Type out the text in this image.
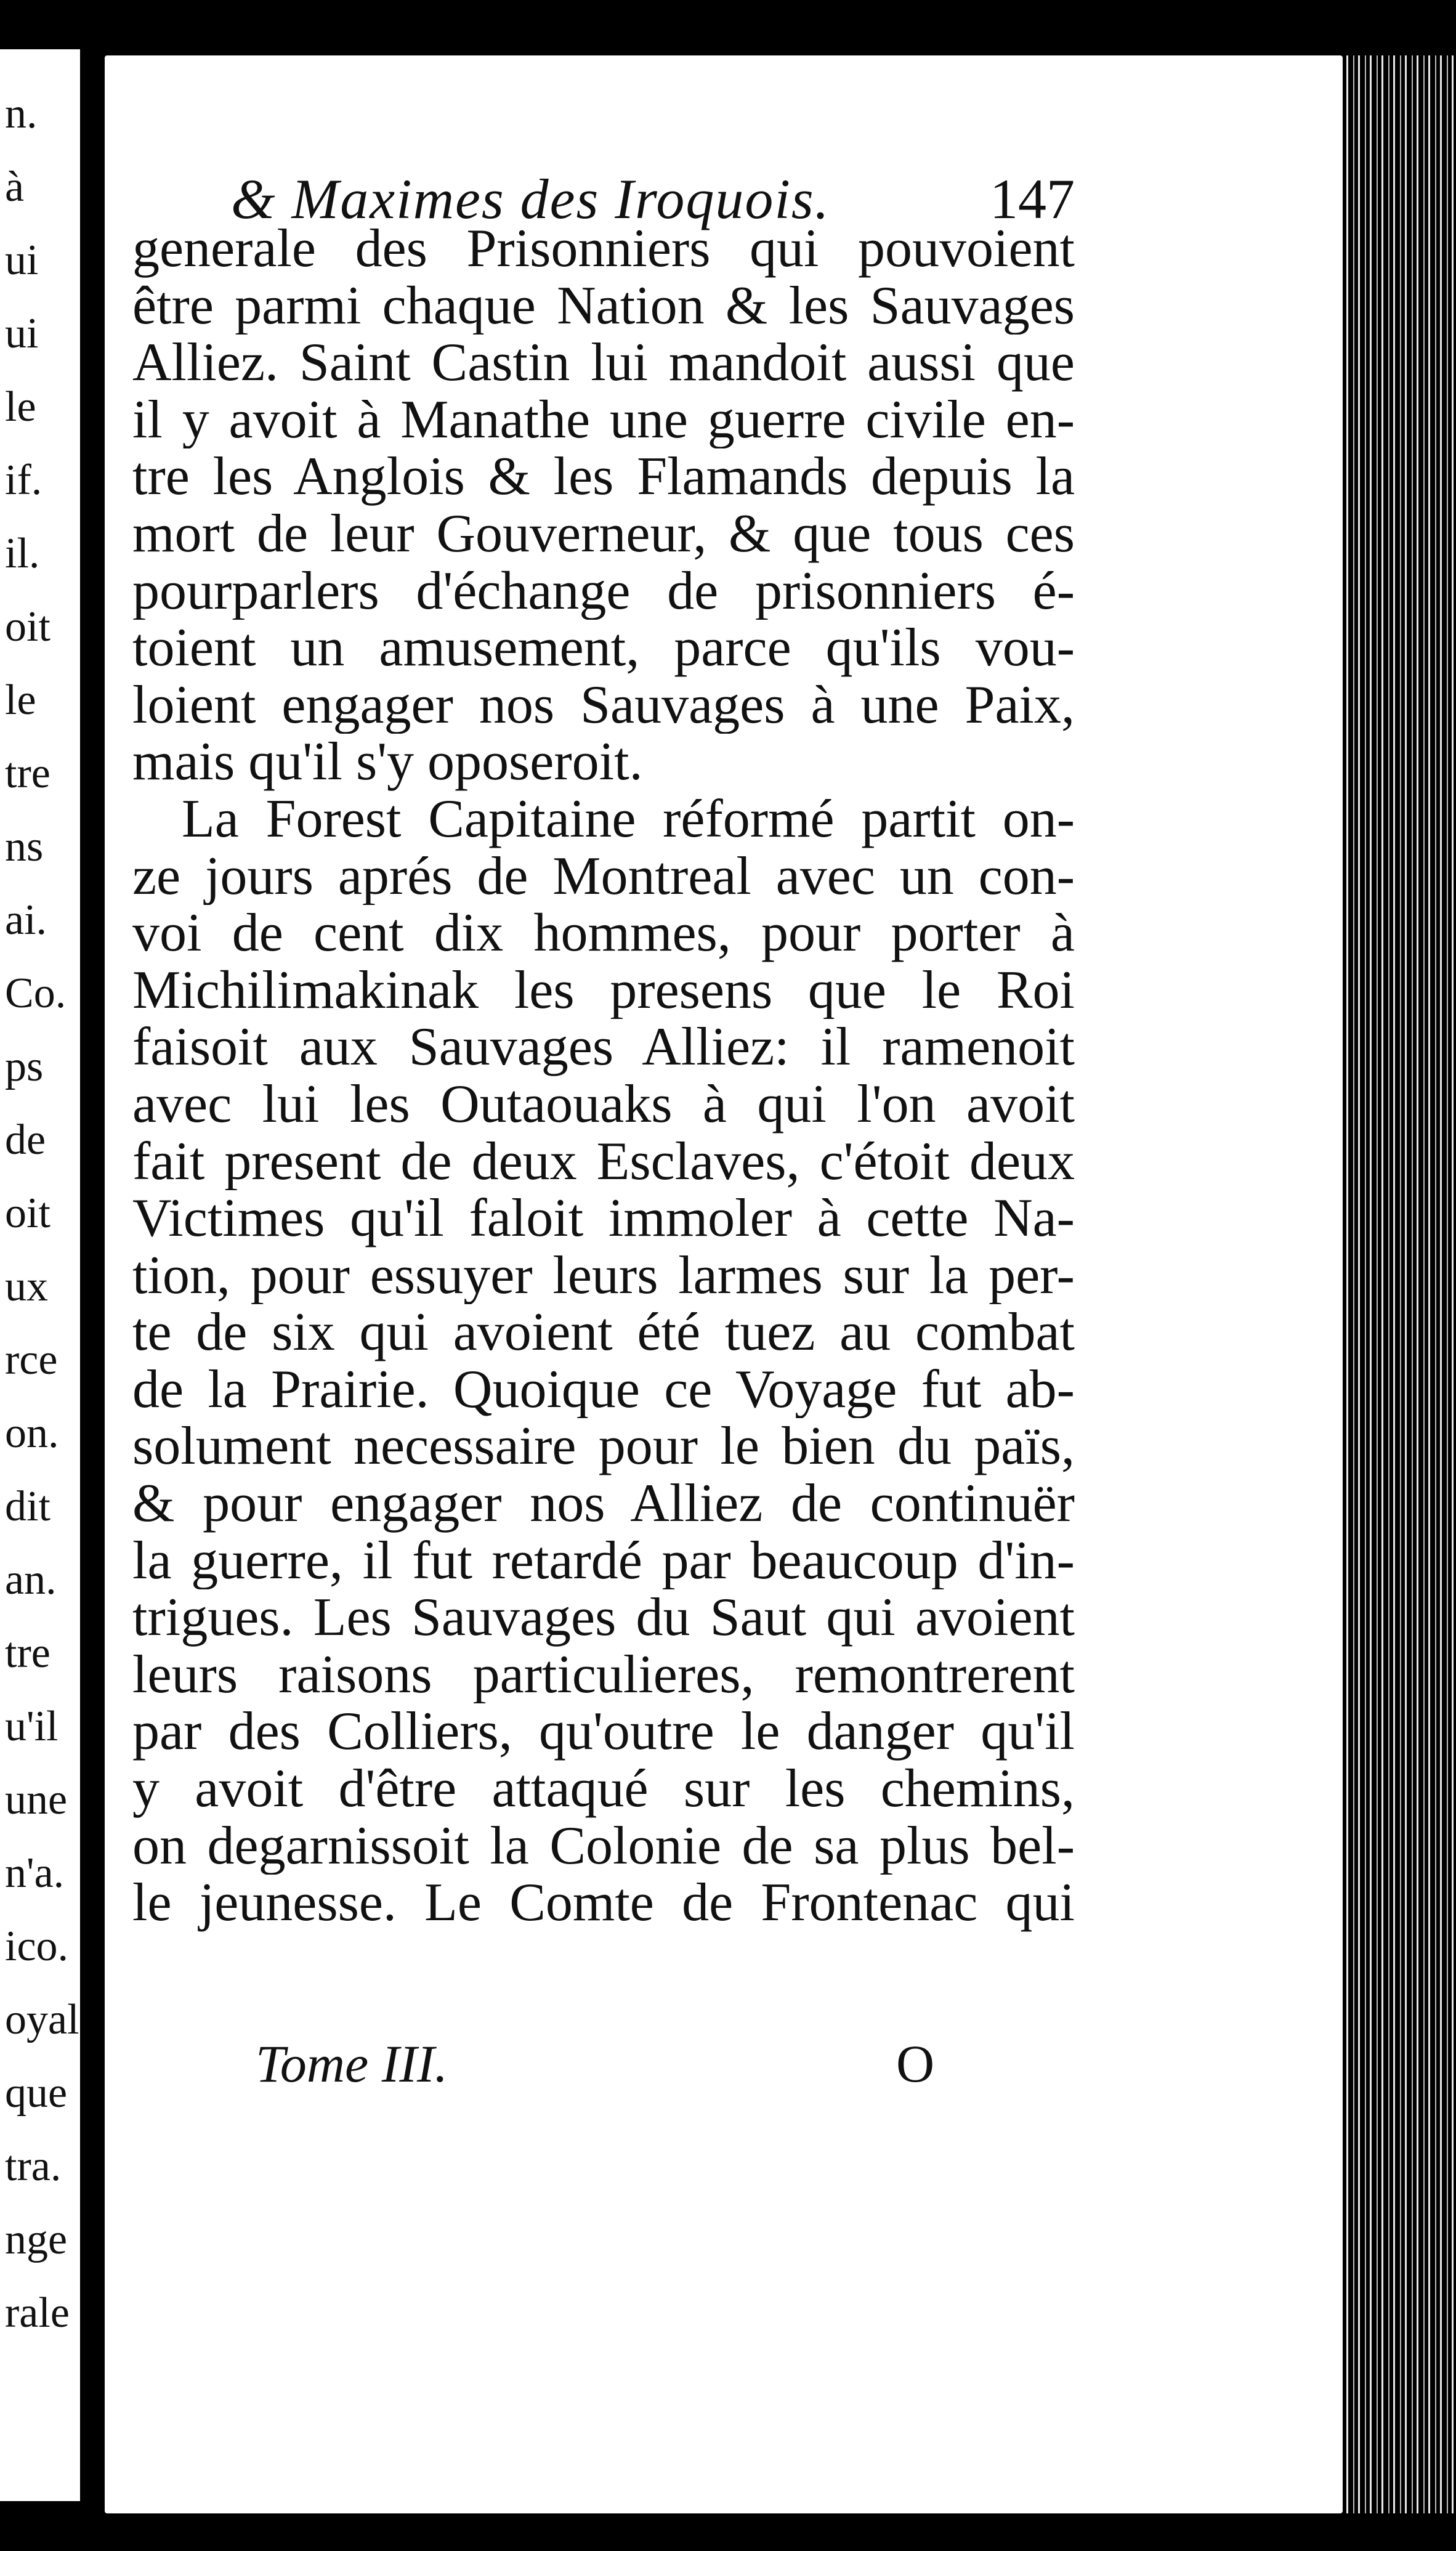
n.
à
ui
ui
le
if.
il.
oit
le
tre
ns
ai.
Co.
ps
de
oit
ux
rce
on.
dit
an.
tre
u'il
une
n'a.
ico.
oyal
que
tra.
nge
rale
& Maximes des Iroquois.	147
generale des Prisonniers qui pouvoient
être parmi chaque Nation & les Sauvages
Alliez. Saint Castin lui mandoit aussi que
il y avoit à Manathe une guerre civile en-
tre les Anglois & les Flamands depuis la
mort de leur Gouverneur, & que tous ces
pourparlers d'échange de prisonniers é-
toient un amusement, parce qu'ils vou-
loient engager nos Sauvages à une Paix,
mais qu'il s'y oposeroit.
La Forest Capitaine réformé partit on-
ze jours aprés de Montreal avec un con-
voi de cent dix hommes, pour porter à
Michilimakinak les presens que le Roi
faisoit aux Sauvages Alliez: il ramenoit
avec lui les Outaouaks à qui l'on avoit
fait present de deux Esclaves, c'étoit deux
Victimes qu'il faloit immoler à cette Na-
tion, pour essuyer leurs larmes sur la per-
te de six qui avoient été tuez au combat
de la Prairie. Quoique ce Voyage fut ab-
solument necessaire pour le bien du païs,
& pour engager nos Alliez de continuër
la guerre, il fut retardé par beaucoup d'in-
trigues. Les Sauvages du Saut qui avoient
leurs raisons particulieres, remontrerent
par des Colliers, qu'outre le danger qu'il
y avoit d'être attaqué sur les chemins,
on degarnissoit la Colonie de sa plus bel-
le jeunesse. Le Comte de Frontenac qui
Tome III.	O
